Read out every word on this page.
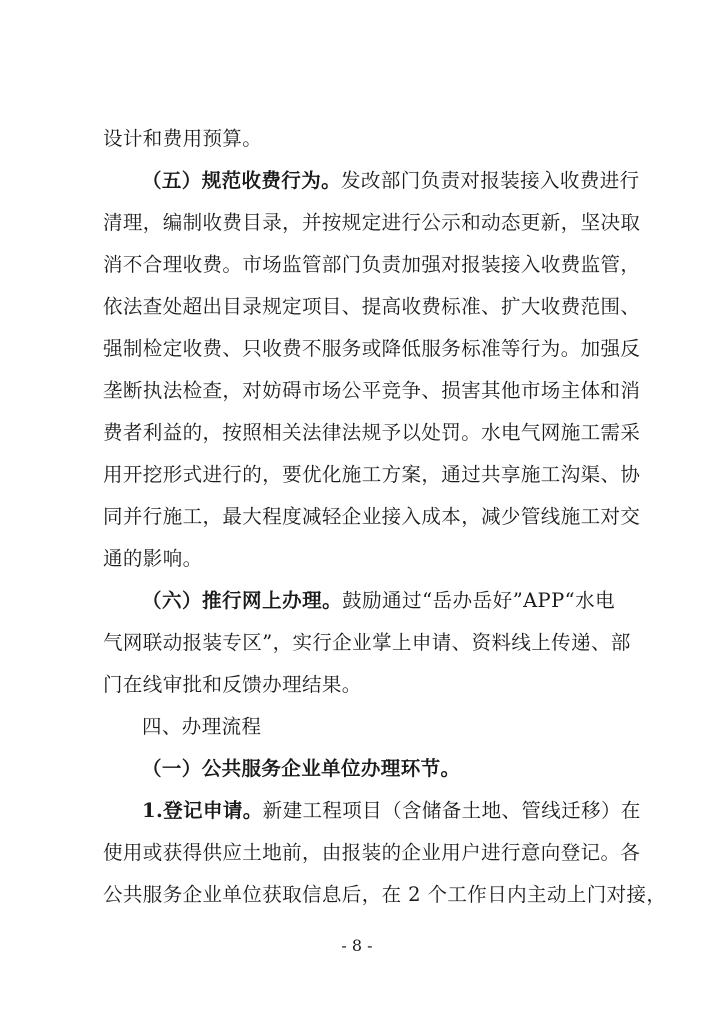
设计和费用预算。
（五）规范收费行为。发改部门负责对报装接入收费进行
清理，编制收费目录，并按规定进行公示和动态更新，坚决取
消不合理收费。市场监管部门负责加强对报装接入收费监管，
依法查处超出目录规定项目、提高收费标准、扩大收费范围、
强制检定收费、只收费不服务或降低服务标准等行为。加强反
垄断执法检查，对妨碍市场公平竞争、损害其他市场主体和消
费者利益的，按照相关法律法规予以处罚。水电气网施工需采
用开挖形式进行的，要优化施工方案，通过共享施工沟渠、协
同并行施工，最大程度减轻企业接入成本，减少管线施工对交
通的影响。
（六）推行网上办理。鼓励通过“岳办岳好”APP“水电
气网联动报装专区”，实行企业掌上申请、资料线上传递、部
门在线审批和反馈办理结果。
四、办理流程
（一）公共服务企业单位办理环节。
1.登记申请。新建工程项目（含储备土地、管线迁移）在
使用或获得供应土地前，由报装的企业用户进行意向登记。各
公共服务企业单位获取信息后，在 2 个工作日内主动上门对接，
- 8 -
